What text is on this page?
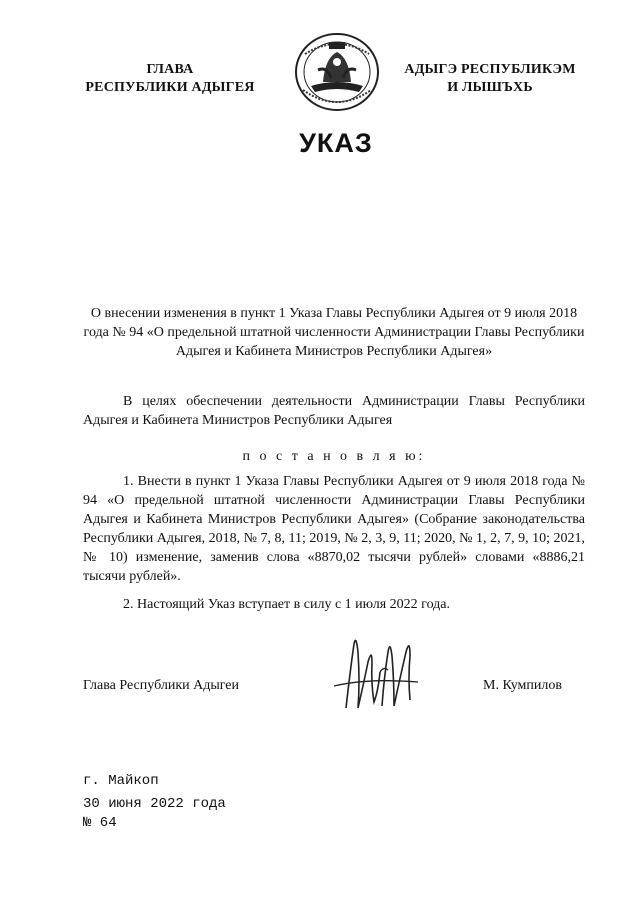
ГЛАВА
РЕСПУБЛИКИ АДЫГЕЯ
АДЫГЭ РЕСПУБЛИКЭМ
И ЛЫШЪХЬ
УКАЗ
О внесении изменения в пункт 1 Указа Главы Республики Адыгея от 9 июля 2018 года № 94 «О предельной штатной численности Администрации Главы Республики Адыгея и Кабинета Министров Республики Адыгея»
В целях обеспечении деятельности Администрации Главы Республики Адыгея и Кабинета Министров Республики Адыгея
п о с т а н о в л я ю:
1. Внести в пункт 1 Указа Главы Республики Адыгея от 9 июля 2018 года № 94 «О предельной штатной численности Администрации Главы Республики Адыгея и Кабинета Министров Республики Адыгея» (Собрание законодательства Республики Адыгея, 2018, № 7, 8, 11; 2019, № 2, 3, 9, 11; 2020, № 1, 2, 7, 9, 10; 2021, № 10) изменение, заменив слова «8870,02 тысячи рублей» словами «8886,21 тысячи рублей».
2. Настоящий Указ вступает в силу с 1 июля 2022 года.
Глава Республики Адыгеи	М. Кумпилов
г. Майкоп
30 июня 2022 года
№ 64
